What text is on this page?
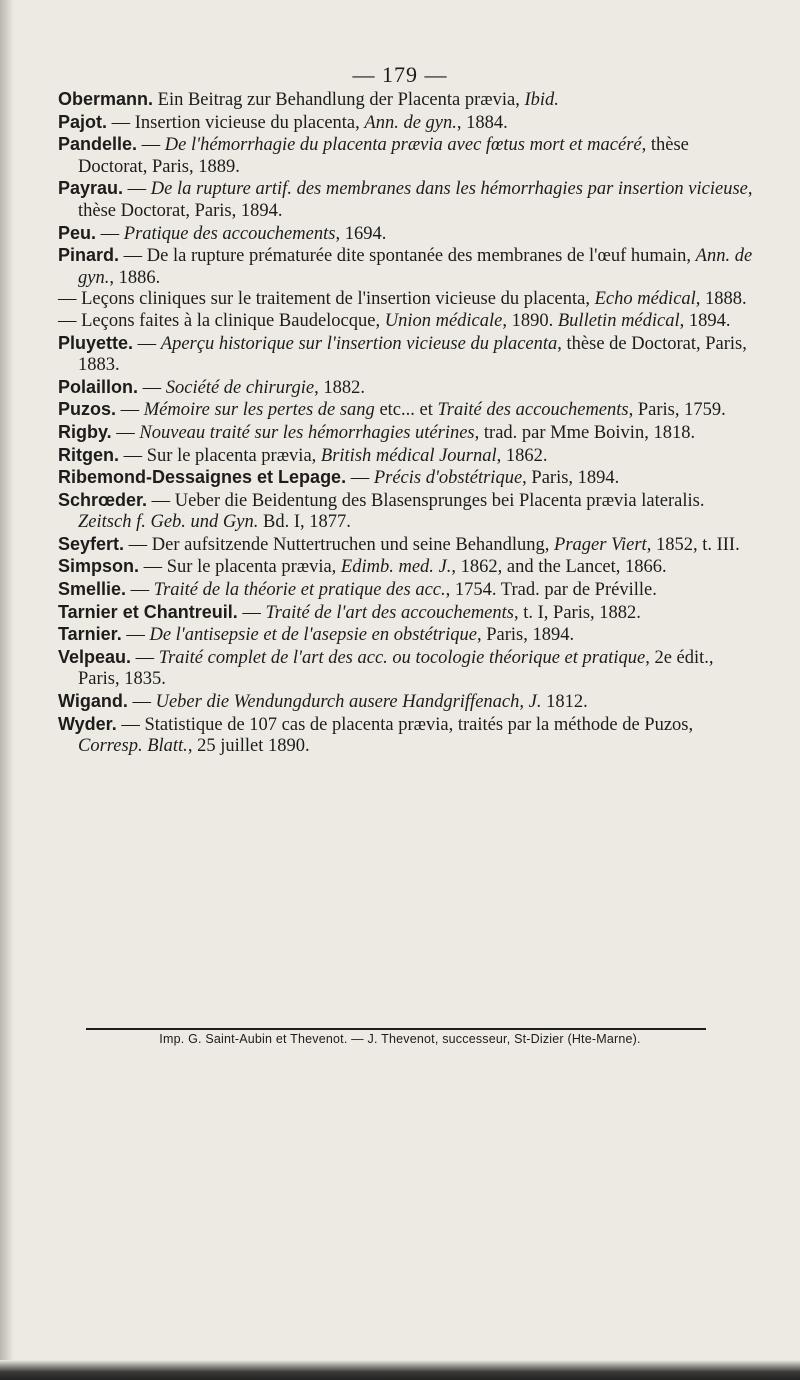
— 179 —

Obermann. Ein Beitrag zur Behandlung der Placenta prævia, Ibid.

Pajot. — Insertion vicieuse du placenta, Ann. de gyn., 1884.

Pandelle. — De l'hémorrhagie du placenta prævia avec fœtus mort et macéré, thèse Doctorat, Paris, 1889.

Payrau. — De la rupture artif. des membranes dans les hémorrhagies par insertion vicieuse, thèse Doctorat, Paris, 1894.

Peu. — Pratique des accouchements, 1694.

Pinard. — De la rupture prématurée dite spontanée des membranes de l'œuf humain, Ann. de gyn., 1886.

— Leçons cliniques sur le traitement de l'insertion vicieuse du placenta, Echo médical, 1888.

— Leçons faites à la clinique Baudelocque, Union médicale, 1890. Bulletin médical, 1894.

Pluyette. — Aperçu historique sur l'insertion vicieuse du placenta, thèse de Doctorat, Paris, 1883.

Polaillon. — Société de chirurgie, 1882.

Puzos. — Mémoire sur les pertes de sang etc... et Traité des accouchements, Paris, 1759.

Rigby. — Nouveau traité sur les hémorrhagies utérines, trad. par Mme Boivin, 1818.

Ritgen. — Sur le placenta prævia, British médical Journal, 1862.

Ribemond-Dessaignes et Lepage. — Précis d'obstétrique, Paris, 1894.

Schrœder. — Ueber die Beidentung des Blasensprunges bei Placenta prævia lateralis. Zeitsch f. Geb. und Gyn. Bd. I, 1877.

Seyfert. — Der aufsitzende Nuttertruchen und seine Behandlung, Prager Viert, 1852, t. III.

Simpson. — Sur le placenta prævia, Edimb. med. J., 1862, and the Lancet, 1866.

Smellie. — Traité de la théorie et pratique des acc., 1754. Trad. par de Préville.

Tarnier et Chantreuil. — Traité de l'art des accouchements, t. I, Paris, 1882.

Tarnier. — De l'antisepsie et de l'asepsie en obstétrique, Paris, 1894.

Velpeau. — Traité complet de l'art des acc. ou tocologie théorique et pratique, 2e édit., Paris, 1835.

Wigand. — Ueber die Wendungdurch ausere Handgriffenach, J. 1812.

Wyder. — Statistique de 107 cas de placenta prævia, traités par la méthode de Puzos, Corresp. Blatt., 25 juillet 1890.

Imp. G. Saint-Aubin et Thevenot. — J. Thevenot, successeur, St-Dizier (Hte-Marne).
